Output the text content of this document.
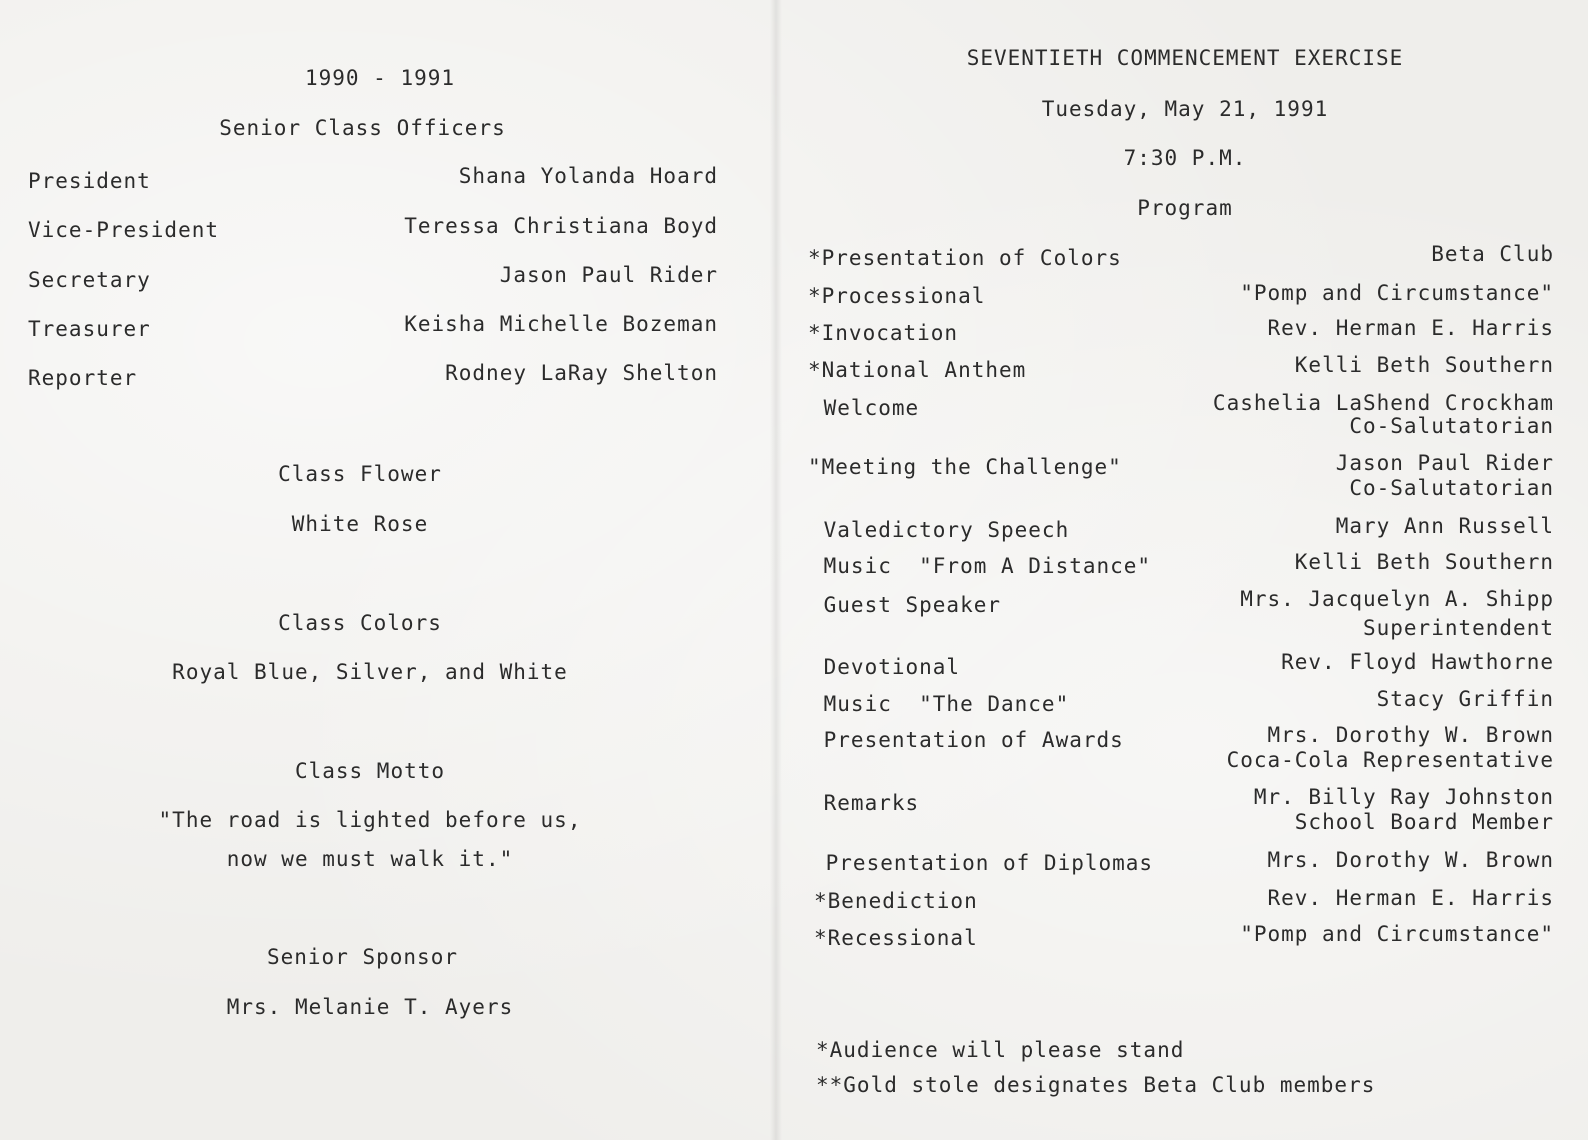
1990 - 1991
Senior Class Officers
President	Shana Yolanda Hoard
Vice-President	Teressa Christiana Boyd
Secretary	Jason Paul Rider
Treasurer	Keisha Michelle Bozeman
Reporter	Rodney LaRay Shelton
Class Flower
White Rose
Class Colors
Royal Blue, Silver, and White
Class Motto
"The road is lighted before us,
now we must walk it."
Senior Sponsor
Mrs. Melanie T. Ayers
SEVENTIETH COMMENCEMENT EXERCISE
Tuesday, May 21, 1991
7:30 P.M.
Program
*Presentation of Colors	Beta Club
*Processional	"Pomp and Circumstance"
*Invocation	Rev. Herman E. Harris
*National Anthem	Kelli Beth Southern
Welcome	Cashelia LaShend Crockham
Co-Salutatorian
"Meeting the Challenge"	Jason Paul Rider
Co-Salutatorian
Valedictory Speech	Mary Ann Russell
Music  "From A Distance"	Kelli Beth Southern
Guest Speaker	Mrs. Jacquelyn A. Shipp
Superintendent
Devotional	Rev. Floyd Hawthorne
Music  "The Dance"	Stacy Griffin
Presentation of Awards	Mrs. Dorothy W. Brown
Coca-Cola Representative
Remarks	Mr. Billy Ray Johnston
School Board Member
Presentation of Diplomas	Mrs. Dorothy W. Brown
*Benediction	Rev. Herman E. Harris
*Recessional	"Pomp and Circumstance"
*Audience will please stand
**Gold stole designates Beta Club members
